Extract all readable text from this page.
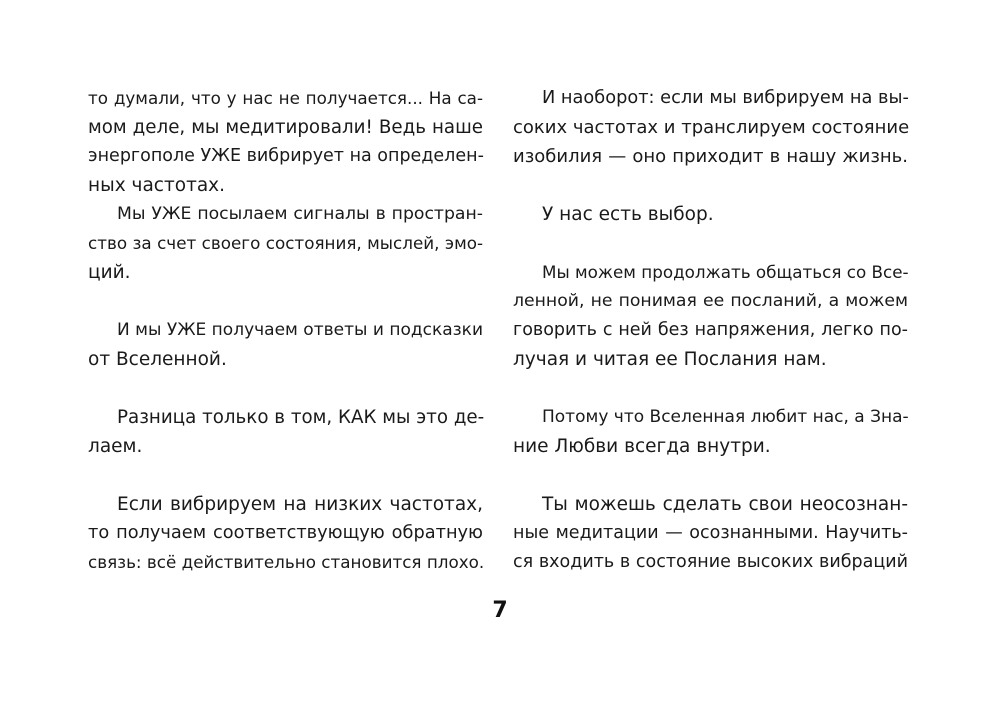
то думали, что у нас не получается... На са-
мом деле, мы медитировали! Ведь наше
энергополе УЖЕ вибрирует на определен-
ных частотах.
Мы УЖЕ посылаем сигналы в простран-
ство за счет своего состояния, мыслей, эмо-
ций.
И мы УЖЕ получаем ответы и подсказки
от Вселенной.
Разница только в том, КАК мы это де-
лаем.
Если вибрируем на низких частотах,
то получаем соответствующую обратную
связь: всё действительно становится плохо.
И наоборот: если мы вибрируем на вы-
соких частотах и транслируем состояние
изобилия — оно приходит в нашу жизнь.
У нас есть выбор.
Мы можем продолжать общаться со Все-
ленной, не понимая ее посланий, а можем
говорить с ней без напряжения, легко по-
лучая и читая ее Послания нам.
Потому что Вселенная любит нас, а Зна-
ние Любви всегда внутри.
Ты можешь сделать свои неосознан-
ные медитации — осознанными. Научить-
ся входить в состояние высоких вибраций
7
